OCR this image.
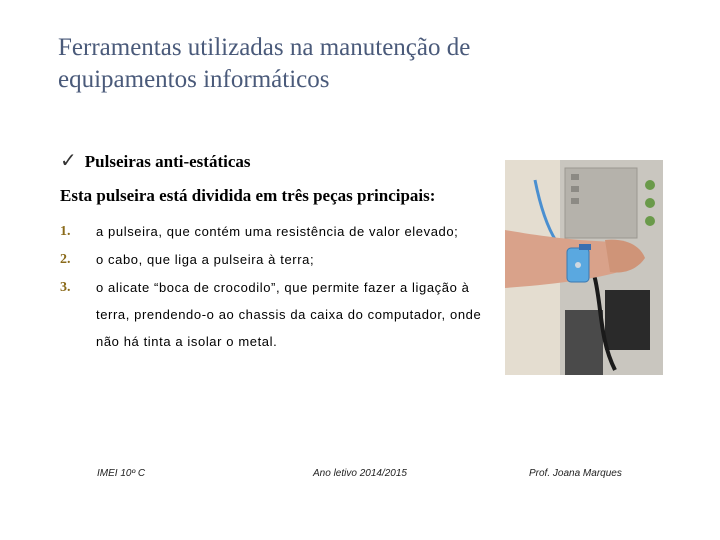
Ferramentas utilizadas na manutenção de
equipamentos informáticos
✓ Pulseiras anti-estáticas
Esta pulseira está dividida em três peças principais:
1. a pulseira, que contém uma resistência de valor elevado;
2. o cabo, que liga a pulseira à terra;
3. o alicate “boca de crocodilo”, que permite fazer a ligação à terra, prendendo-o ao chassis da caixa do computador, onde não há tinta a isolar o metal.
IMEI 10º C	Ano letivo 2014/2015	Prof. Joana Marques
